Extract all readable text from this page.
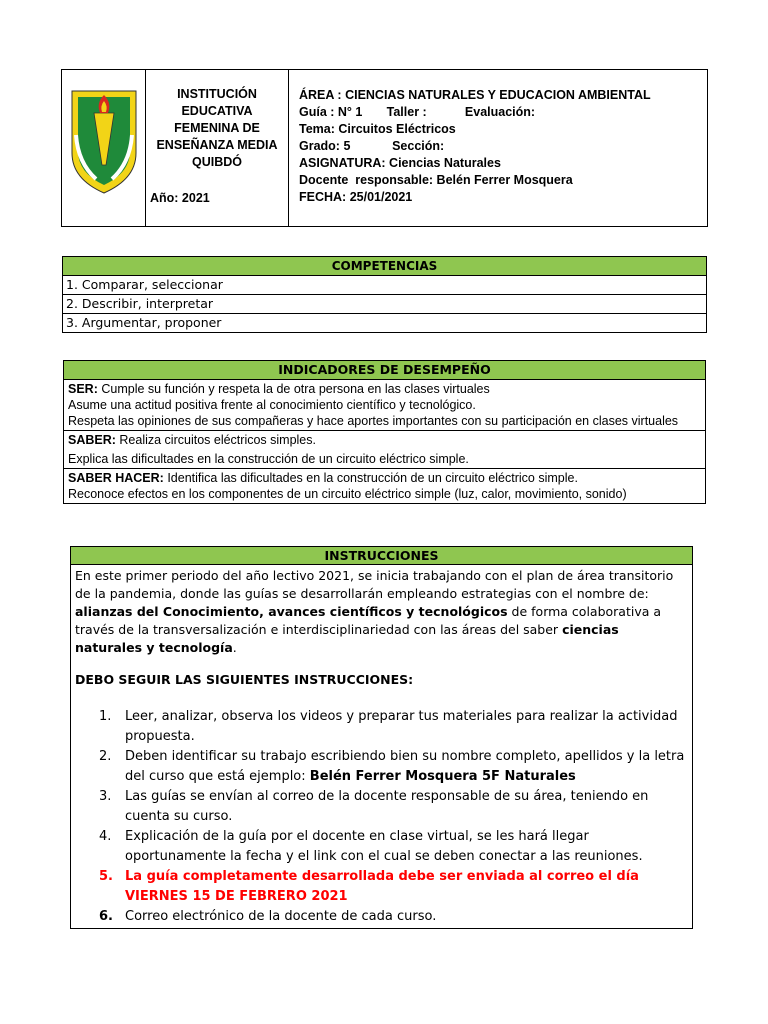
INSTITUCIÓN
EDUCATIVA
FEMENINA DE
ENSEÑANZA MEDIA
QUIBDÓ
Año: 2021
ÁREA : CIENCIAS NATURALES Y EDUCACION AMBIENTAL
Guía : N° 1       Taller :           Evaluación:
Tema: Circuitos Eléctricos
Grado: 5            Sección:
ASIGNATURA: Ciencias Naturales
Docente  responsable: Belén Ferrer Mosquera
FECHA: 25/01/2021
COMPETENCIAS
1. Comparar, seleccionar
2. Describir, interpretar
3. Argumentar, proponer
INDICADORES DE DESEMPEÑO

SER: Cumple su función y respeta la de otra persona en las clases virtuales

Asume una actitud positiva frente al conocimiento científico y tecnológico.

Respeta las opiniones de sus compañeras y hace aportes importantes con su participación en clases virtuales

SABER: Realiza circuitos eléctricos simples.

Explica las dificultades en la construcción de un circuito eléctrico simple.

SABER HACER: Identifica las dificultades en la construcción de un circuito eléctrico simple.

Reconoce efectos en los componentes de un circuito eléctrico simple (luz, calor, movimiento, sonido)

INSTRUCCIONES

En este primer periodo del año lectivo 2021, se inicia trabajando con el plan de área transitorio de la pandemia, donde las guías se desarrollarán empleando estrategias con el nombre de: alianzas del Conocimiento, avances científicos y tecnológicos de forma colaborativa a través de la transversalización e interdisciplinariedad con las áreas del saber ciencias naturales y tecnología.

DEBO SEGUIR LAS SIGUIENTES INSTRUCCIONES:

1. Leer, analizar, observa los videos y preparar tus materiales para realizar la actividad propuesta.
2. Deben identificar su trabajo escribiendo bien su nombre completo, apellidos y la letra del curso que está ejemplo: Belén Ferrer Mosquera 5F Naturales
3. Las guías se envían al correo de la docente responsable de su área, teniendo en cuenta su curso.
4. Explicación de la guía por el docente en clase virtual, se les hará llegar oportunamente la fecha y el link con el cual se deben conectar a las reuniones.
5. La guía completamente desarrollada debe ser enviada al correo el día VIERNES 15 DE FEBRERO 2021
6. Correo electrónico de la docente de cada curso.
